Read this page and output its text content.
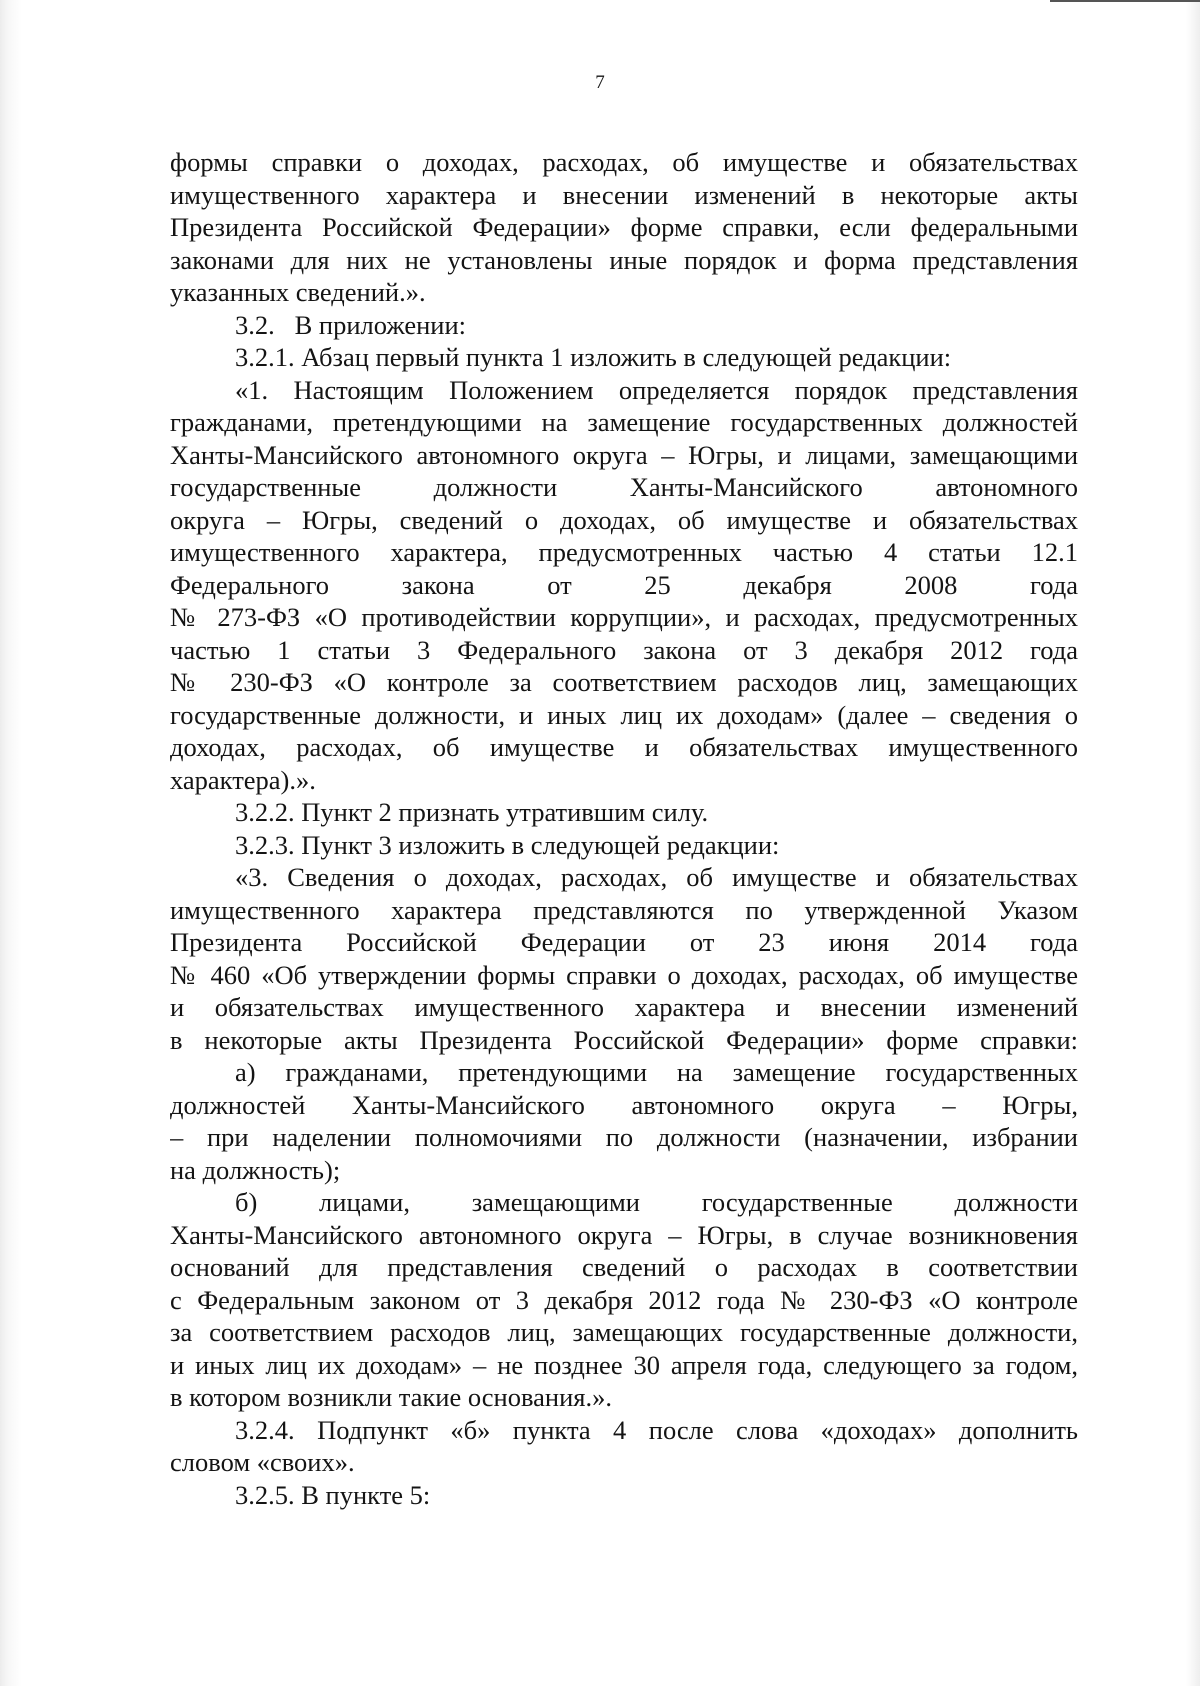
7
формы справки о доходах, расходах, об имуществе и обязательствах
имущественного характера и внесении изменений в некоторые акты
Президента Российской Федерации» форме справки, если федеральными
законами для них не установлены иные порядок и форма представления
указанных сведений.».
3.2.   В приложении:
3.2.1. Абзац первый пункта 1 изложить в следующей редакции:
«1. Настоящим Положением определяется порядок представления
гражданами, претендующими на замещение государственных должностей
Ханты-Мансийского автономного округа – Югры, и лицами, замещающими
государственные должности Ханты-Мансийского автономного
округа – Югры, сведений о доходах, об имуществе и обязательствах
имущественного характера, предусмотренных частью 4 статьи 12.1
Федерального закона от 25 декабря 2008 года
№ 273-ФЗ «О противодействии коррупции», и расходах, предусмотренных
частью 1 статьи 3 Федерального закона от 3 декабря 2012 года
№ 230-ФЗ «О контроле за соответствием расходов лиц, замещающих
государственные должности, и иных лиц их доходам» (далее – сведения о
доходах, расходах, об имуществе и обязательствах имущественного
характера).».
3.2.2. Пункт 2 признать утратившим силу.
3.2.3. Пункт 3 изложить в следующей редакции:
«3. Сведения о доходах, расходах, об имуществе и обязательствах
имущественного характера представляются по утвержденной Указом
Президента Российской Федерации от 23 июня 2014 года
№ 460 «Об утверждении формы справки о доходах, расходах, об имуществе
и обязательствах имущественного характера и внесении изменений
в некоторые акты Президента Российской Федерации» форме справки:
а) гражданами, претендующими на замещение государственных
должностей Ханты-Мансийского автономного округа – Югры,
– при наделении полномочиями по должности (назначении, избрании
на должность);
б) лицами, замещающими государственные должности
Ханты-Мансийского автономного округа – Югры, в случае возникновения
оснований для представления сведений о расходах в соответствии
с Федеральным законом от 3 декабря 2012 года № 230-ФЗ «О контроле
за соответствием расходов лиц, замещающих государственные должности,
и иных лиц их доходам» – не позднее 30 апреля года, следующего за годом,
в котором возникли такие основания.».
3.2.4. Подпункт «б» пункта 4 после слова «доходах» дополнить
словом «своих».
3.2.5. В пункте 5:
